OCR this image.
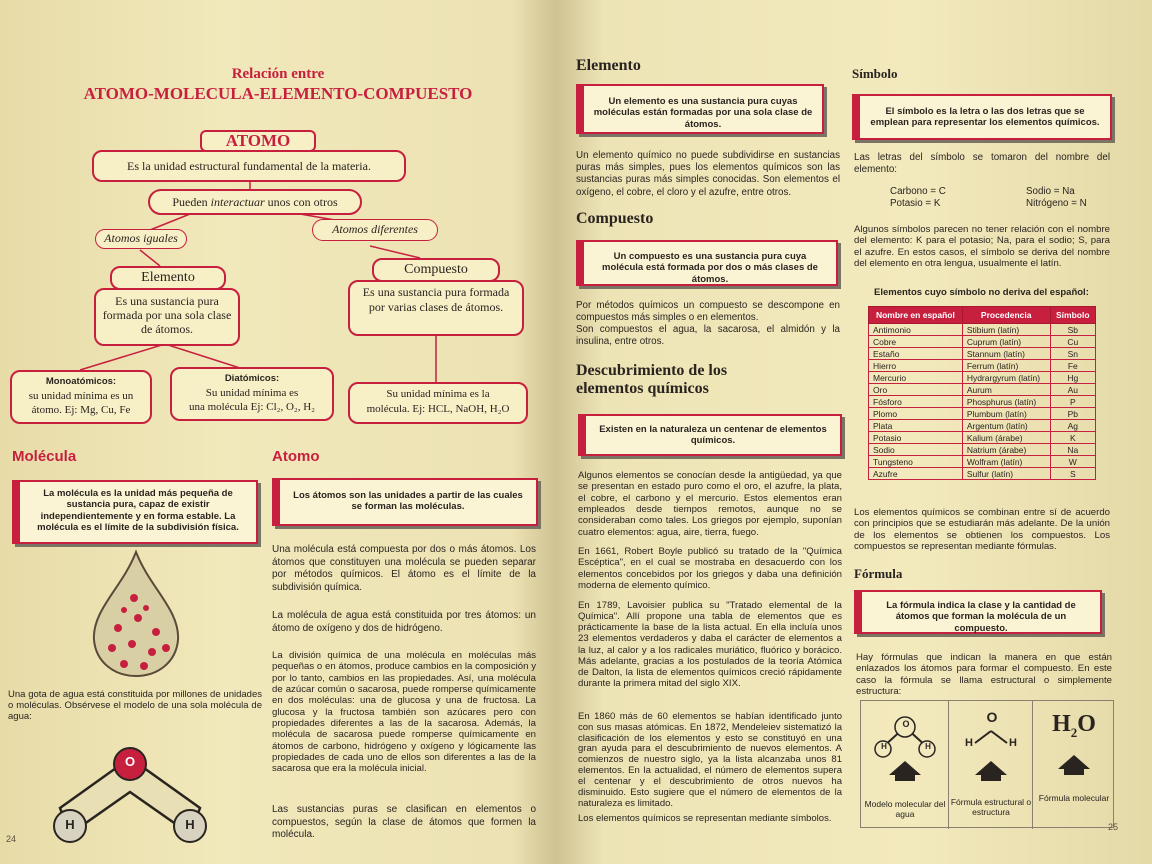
Relación entre
ATOMO-MOLECULA-ELEMENTO-COMPUESTO
ATOMO
Es la unidad estructural fundamental de la materia.
Pueden interactuar unos con otros
Atomos iguales
Atomos diferentes
Elemento
Es una sustancia pura formada por una sola clase de átomos.
Compuesto
Es una sustancia pura formada por varias clases de átomos.
Monoatómicos:
su unidad mínima es un átomo. Ej: Mg, Cu, Fe
Diatómicos:
Su unidad mínima es
una molécula Ej: Cl₂, O₂, H₂
Su unidad mínima es la
molécula. Ej: HCL, NaOH, H₂O
Molécula
La molécula es la unidad más pequeña de sustancia pura, capaz de existir independientemente y en forma estable. La molécula es el límite de la subdivisión física.
Una gota de agua está constituida por millones de unidades o moléculas. Obsérvese el modelo de una sola molécula de agua:
O
H	H
Atomo
Los átomos son las unidades a partir de las cuales se forman las moléculas.
Una molécula está compuesta por dos o más átomos. Los átomos que constituyen una molécula se pueden separar por métodos químicos. El átomo es el límite de la subdivisión química.
La molécula de agua está constituida por tres átomos: un átomo de oxígeno y dos de hidrógeno.
La división química de una molécula en moléculas más pequeñas o en átomos, produce cambios en la composición y por lo tanto, cambios en las propiedades. Así, una molécula de azúcar común o sacarosa, puede romperse químicamente en dos moléculas: una de glucosa y una de fructosa. La glucosa y la fructosa también son azúcares pero con propiedades diferentes a las de la sacarosa. Además, la molécula de sacarosa puede romperse químicamente en átomos de carbono, hidrógeno y oxígeno y lógicamente las propiedades de cada uno de ellos son diferentes a las de la sacarosa que era la molécula inicial.
Las sustancias puras se clasifican en elementos o compuestos, según la clase de átomos que formen la molécula.
24
Elemento
Un elemento es una sustancia pura cuyas moléculas están formadas por una sola clase de átomos.
Un elemento químico no puede subdividirse en sustancias puras más simples, pues los elementos químicos son las sustancias puras más simples conocidas. Son elementos el oxígeno, el cobre, el cloro y el azufre, entre otros.
Compuesto
Un compuesto es una sustancia pura cuya molécula está formada por dos o más clases de átomos.
Por métodos químicos un compuesto se descompone en compuestos más simples o en elementos.
Son compuestos el agua, la sacarosa, el almidón y la insulina, entre otros.
Descubrimiento de los
elementos químicos
Existen en la naturaleza un centenar de elementos químicos.
Algunos elementos se conocían desde la antigüedad, ya que se presentan en estado puro como el oro, el azufre, la plata, el cobre, el carbono y el mercurio. Estos elementos eran empleados desde tiempos remotos, aunque no se consideraban como tales. Los griegos por ejemplo, suponían cuatro elementos: agua, aire, tierra, fuego.
En 1661, Robert Boyle publicó su tratado de la "Química Escéptica", en el cual se mostraba en desacuerdo con los elementos concebidos por los griegos y daba una definición moderna de elemento químico.
En 1789, Lavoisier publica su "Tratado elemental de la Química". Allí propone una tabla de elementos que es prácticamente la base de la lista actual. En ella incluía unos 23 elementos verdaderos y daba el carácter de elementos a la luz, al calor y a los radicales muriático, fluórico y borácico. Más adelante, gracias a los postulados de la teoría Atómica de Dalton, la lista de elementos químicos creció rápidamente durante la primera mitad del siglo XIX.
En 1860 más de 60 elementos se habían identificado junto con sus masas atómicas. En 1872, Mendeleiev sistematizó la clasificación de los elementos y esto se constituyó en una gran ayuda para el descubrimiento de nuevos elementos. A comienzos de nuestro siglo, ya la lista alcanzaba unos 81 elementos. En la actualidad, el número de elementos supera el centenar y el descubrimiento de otros nuevos ha disminuido. Esto sugiere que el número de elementos de la naturaleza es limitado.
Los elementos químicos se representan mediante símbolos.
Símbolo
El símbolo es la letra o las dos letras que se emplean para representar los elementos químicos.
Las letras del símbolo se tomaron del nombre del elemento:
Carbono = C	Sodio = Na
Potasio = K	Nitrógeno = N
Algunos símbolos parecen no tener relación con el nombre del elemento: K para el potasio; Na, para el sodio; S, para el azufre. En estos casos, el símbolo se deriva del nombre del elemento en otra lengua, usualmente el latín.
Elementos cuyo símbolo no deriva del español:
Nombre en español	Procedencia	Símbolo
Antimonio	Stibium (latín)	Sb
Cobre	Cuprum (latín)	Cu
Estaño	Stannum (latín)	Sn
Hierro	Ferrum (latín)	Fe
Mercurio	Hydrargyrum (latín)	Hg
Oro	Aurum	Au
Fósforo	Phosphurus (latín)	P
Plomo	Plumbum (latín)	Pb
Plata	Argentum (latín)	Ag
Potasio	Kalium (árabe)	K
Sodio	Natrium (árabe)	Na
Tungsteno	Wolfram (latín)	W
Azufre	Sulfur (latín)	S
Los elementos químicos se combinan entre sí de acuerdo con principios que se estudiarán más adelante. De la unión de los elementos se obtienen los compuestos. Los compuestos se representan mediante fórmulas.
Fórmula
La fórmula indica la clase y la cantidad de átomos que forman la molécula de un compuesto.
Hay fórmulas que indican la manera en que están enlazados los átomos para formar el compuesto. En este caso la fórmula se llama estructural o simplemente estructura:
O
H	H
Modelo molecular del agua
O
H	H
Fórmula estructural o estructura
$H_2O$
Fórmula molecular
25
